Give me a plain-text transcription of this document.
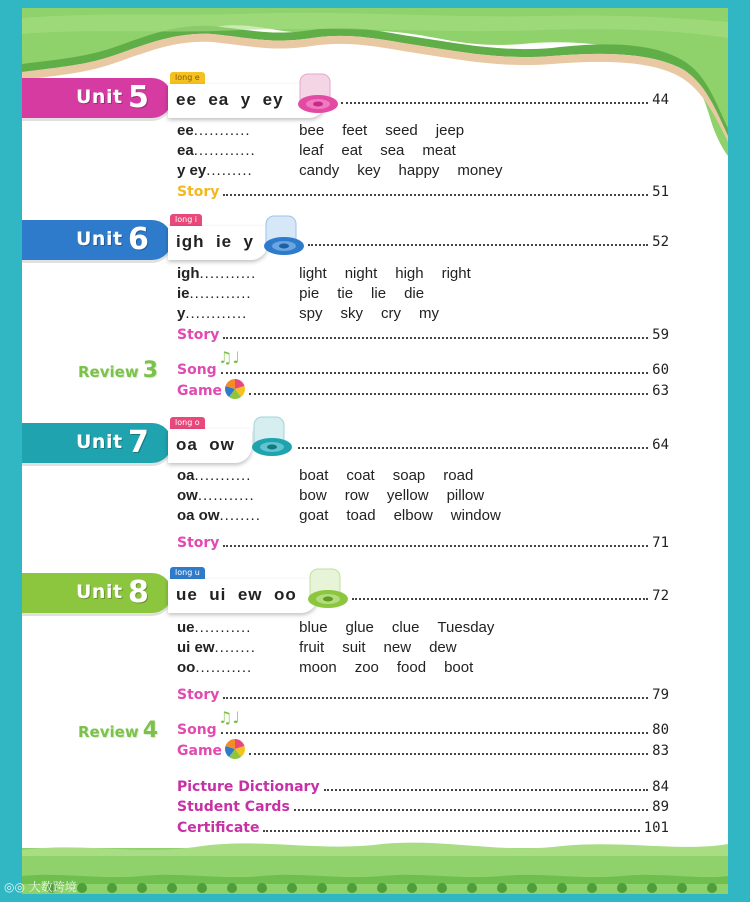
Unit 5
long e
ee  ea  y  ey	44
ee...........	bee feet seed jeep
ea............	leaf eat sea meat
y ey.........	candy key happy money
Story	51
Unit 6
long i
igh  ie  y	52
igh...........	light night high right
ie............	pie tie lie die
y............	spy sky cry my
Story	59
Review 3
♫♩
Song	60
Game	63
Unit 7
long o
oa  ow	64
oa...........	boat coat soap road
ow...........	bow row yellow pillow
oa ow........	goat toad elbow window
Story	71
Unit 8
long u
ue  ui  ew  oo	72
ue...........	blue glue clue Tuesday
ui ew........	fruit suit new dew
oo...........	moon zoo food boot
Story	79
Review 4
♫♩
Song	80
Game	83
Picture Dictionary	84
Student Cards	89
Certificate	101
◎◎ 大数跨境
